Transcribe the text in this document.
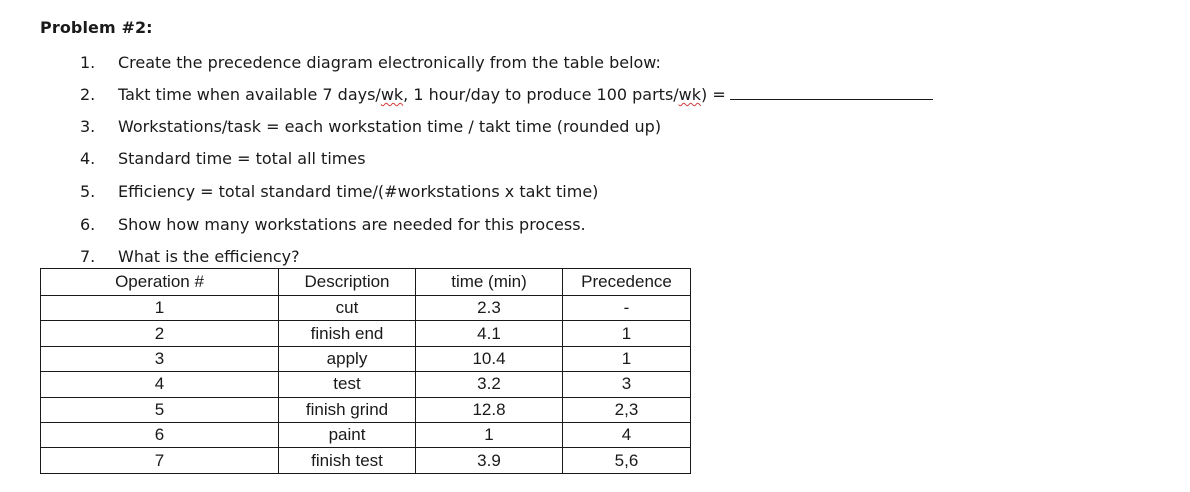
Problem #2:
1. Create the precedence diagram electronically from the table below:
2. Takt time when available 7 days/wk, 1 hour/day to produce 100 parts/wk) =
3. Workstations/task = each workstation time / takt time (rounded up)
4. Standard time = total all times
5. Efficiency = total standard time/(#workstations x takt time)
6. Show how many workstations are needed for this process.
7. What is the efficiency?
Operation #	Description	time (min)	Precedence
1	cut	2.3	-
2	finish end	4.1	1
3	apply	10.4	1
4	test	3.2	3
5	finish grind	12.8	2,3
6	paint	1	4
7	finish test	3.9	5,6
